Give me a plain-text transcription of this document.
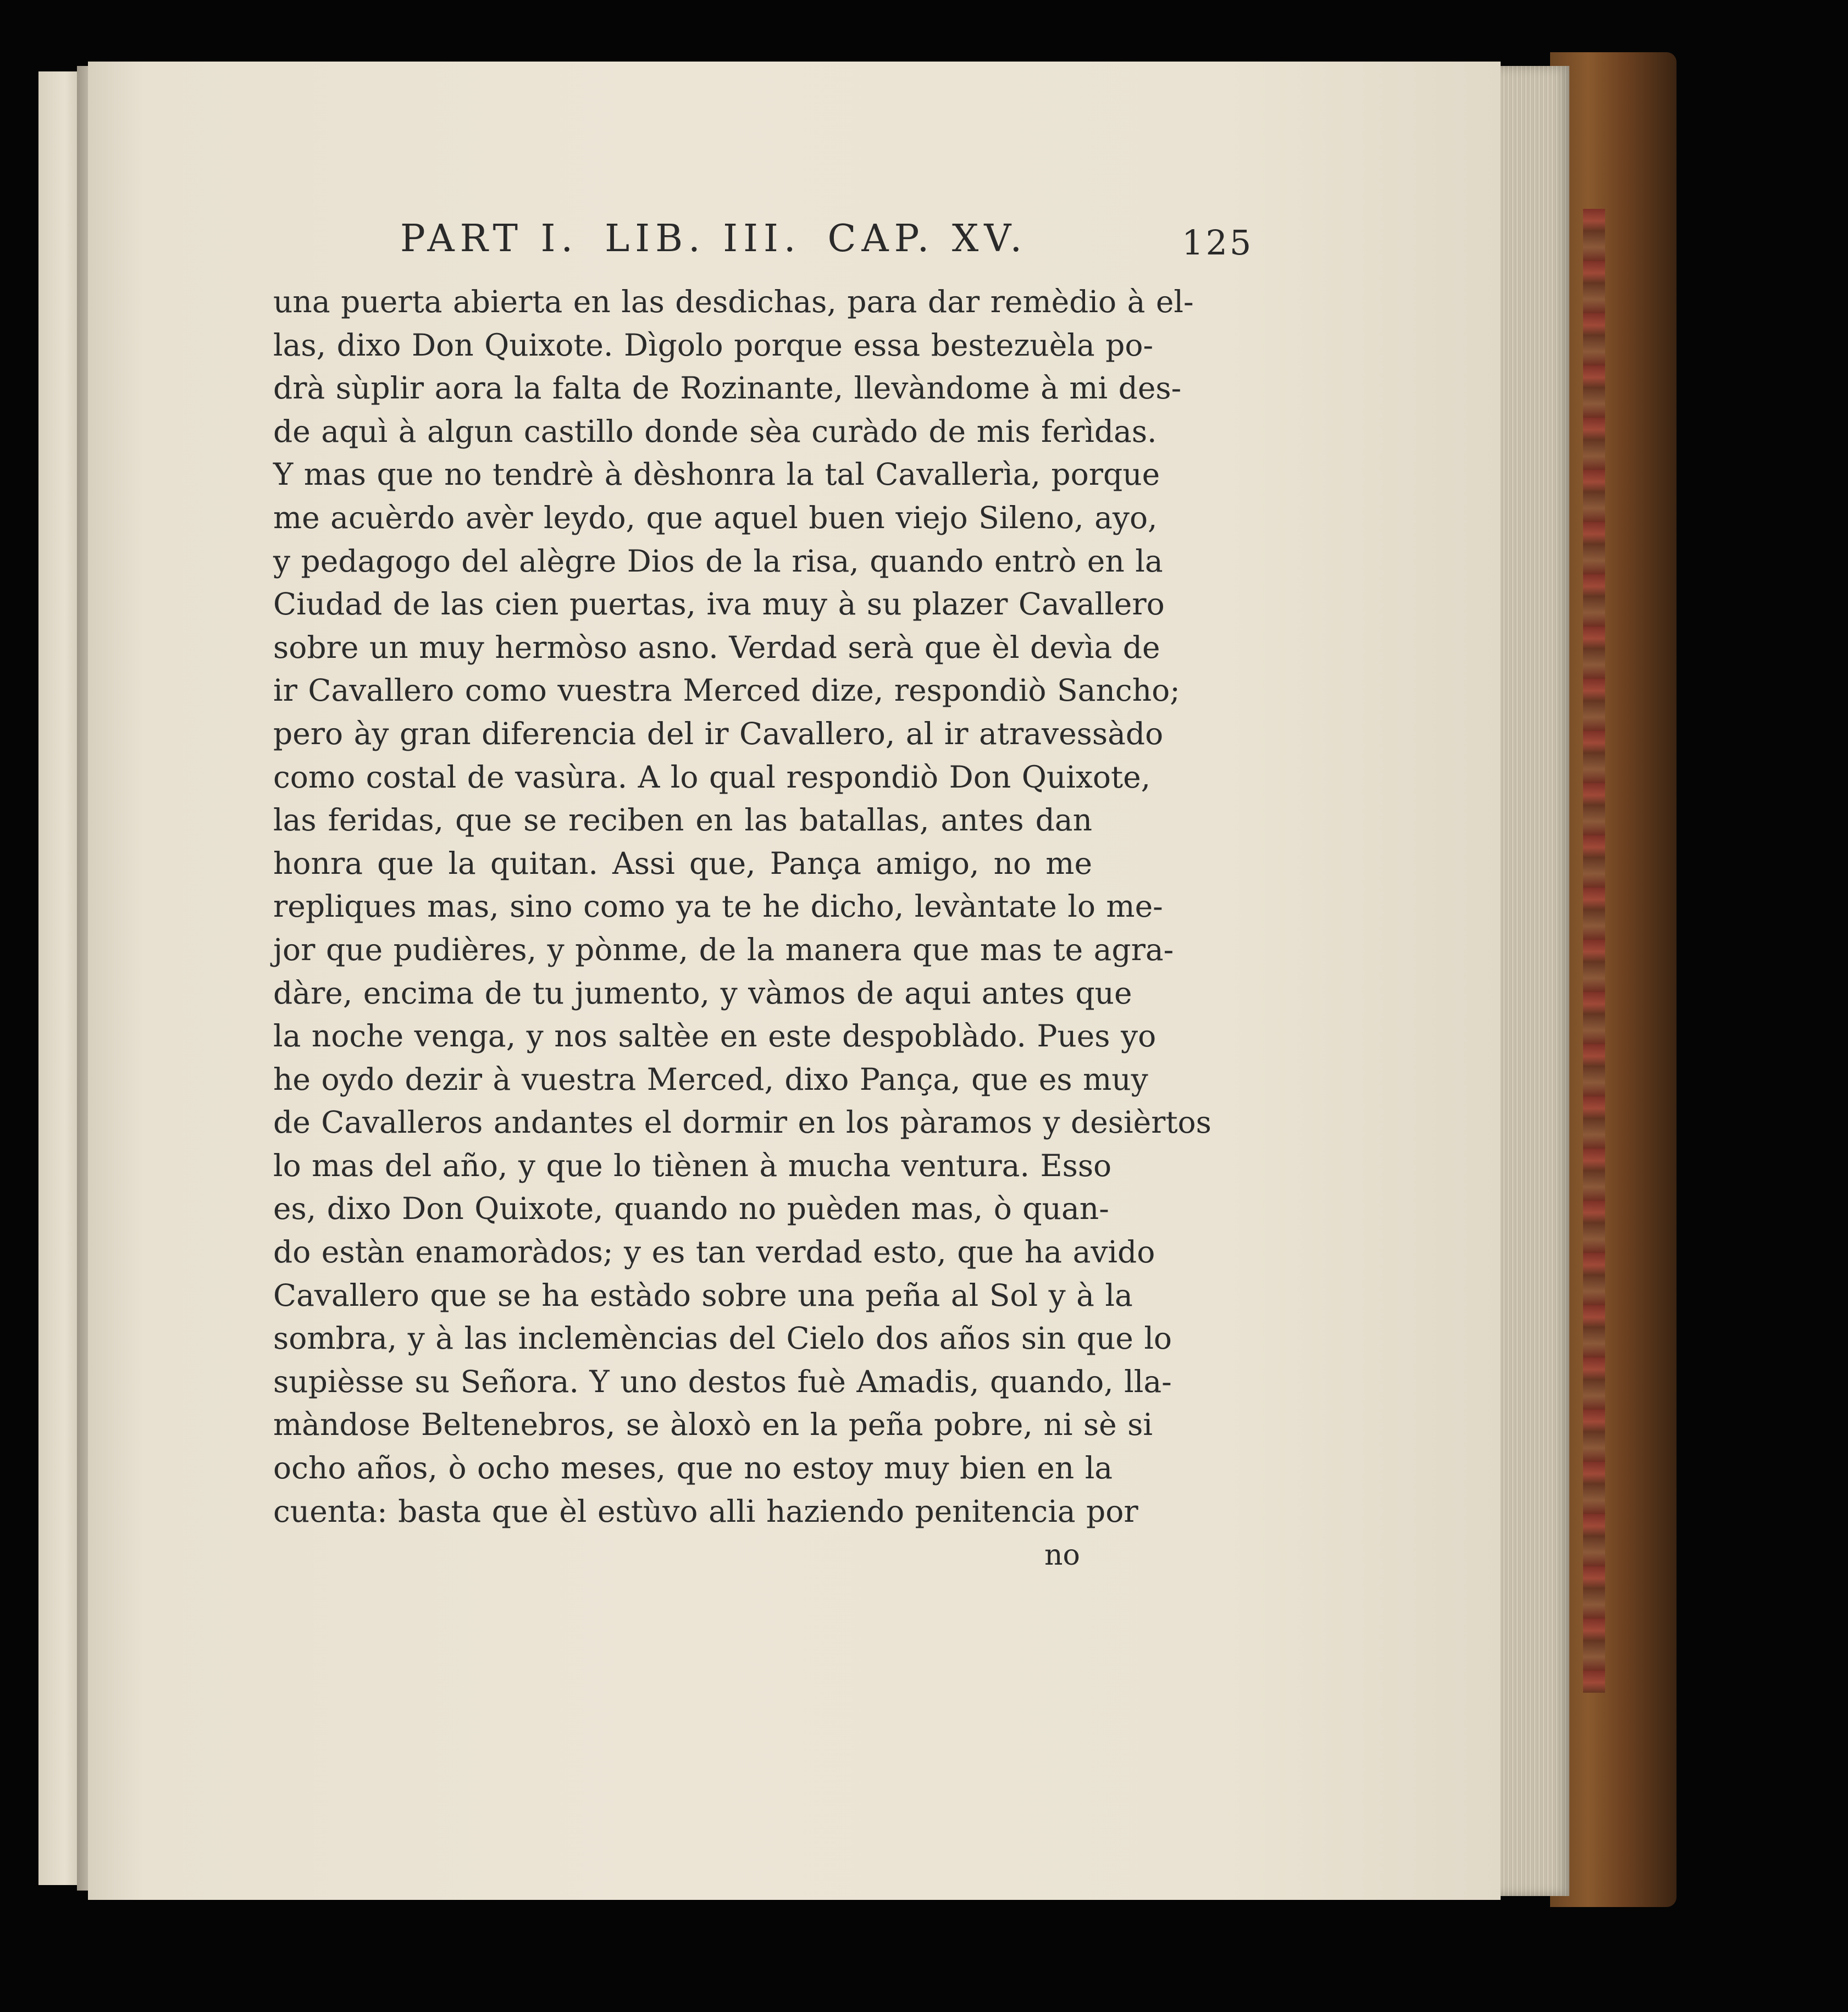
PART I. LIB. III. CAP. XV.	125
una puerta abierta en las desdichas, para dar remèdio à el-
las, dixo Don Quixote. Dìgolo porque essa bestezuèla po-
drà sùplir aora la falta de Rozinante, llevàndome à mi des-
de aquì à algun castillo donde sèa curàdo de mis ferìdas.
Y mas que no tendrè à dèshonra la tal Cavallerìa, porque
me acuèrdo avèr leydo, que aquel buen viejo Sileno, ayo,
y pedagogo del alègre Dios de la risa, quando entrò en la
Ciudad de las cien puertas, iva muy à su plazer Cavallero
sobre un muy hermòso asno. Verdad serà que èl devìa de
ir Cavallero como vuestra Merced dize, respondiò Sancho;
pero ày gran diferencia del ir Cavallero, al ir atravessàdo
como costal de vasùra. A lo qual respondiò Don Quixote,
las feridas, que se reciben en las batallas, antes dan
honra que la quitan. Assi que, Pança amigo, no me
repliques mas, sino como ya te he dicho, levàntate lo me-
jor que pudières, y pònme, de la manera que mas te agra-
dàre, encima de tu jumento, y vàmos de aqui antes que
la noche venga, y nos saltèe en este despoblàdo. Pues yo
he oydo dezir à vuestra Merced, dixo Pança, que es muy
de Cavalleros andantes el dormir en los pàramos y desièrtos
lo mas del año, y que lo tiènen à mucha ventura. Esso
es, dixo Don Quixote, quando no puèden mas, ò quan-
do estàn enamoràdos; y es tan verdad esto, que ha avido
Cavallero que se ha estàdo sobre una peña al Sol y à la
sombra, y à las inclemèncias del Cielo dos años sin que lo
supièsse su Señora. Y uno destos fuè Amadis, quando, lla-
màndose Beltenebros, se àloxò en la peña pobre, ni sè si
ocho años, ò ocho meses, que no estoy muy bien en la
cuenta: basta que èl estùvo alli haziendo penitencia por
no
